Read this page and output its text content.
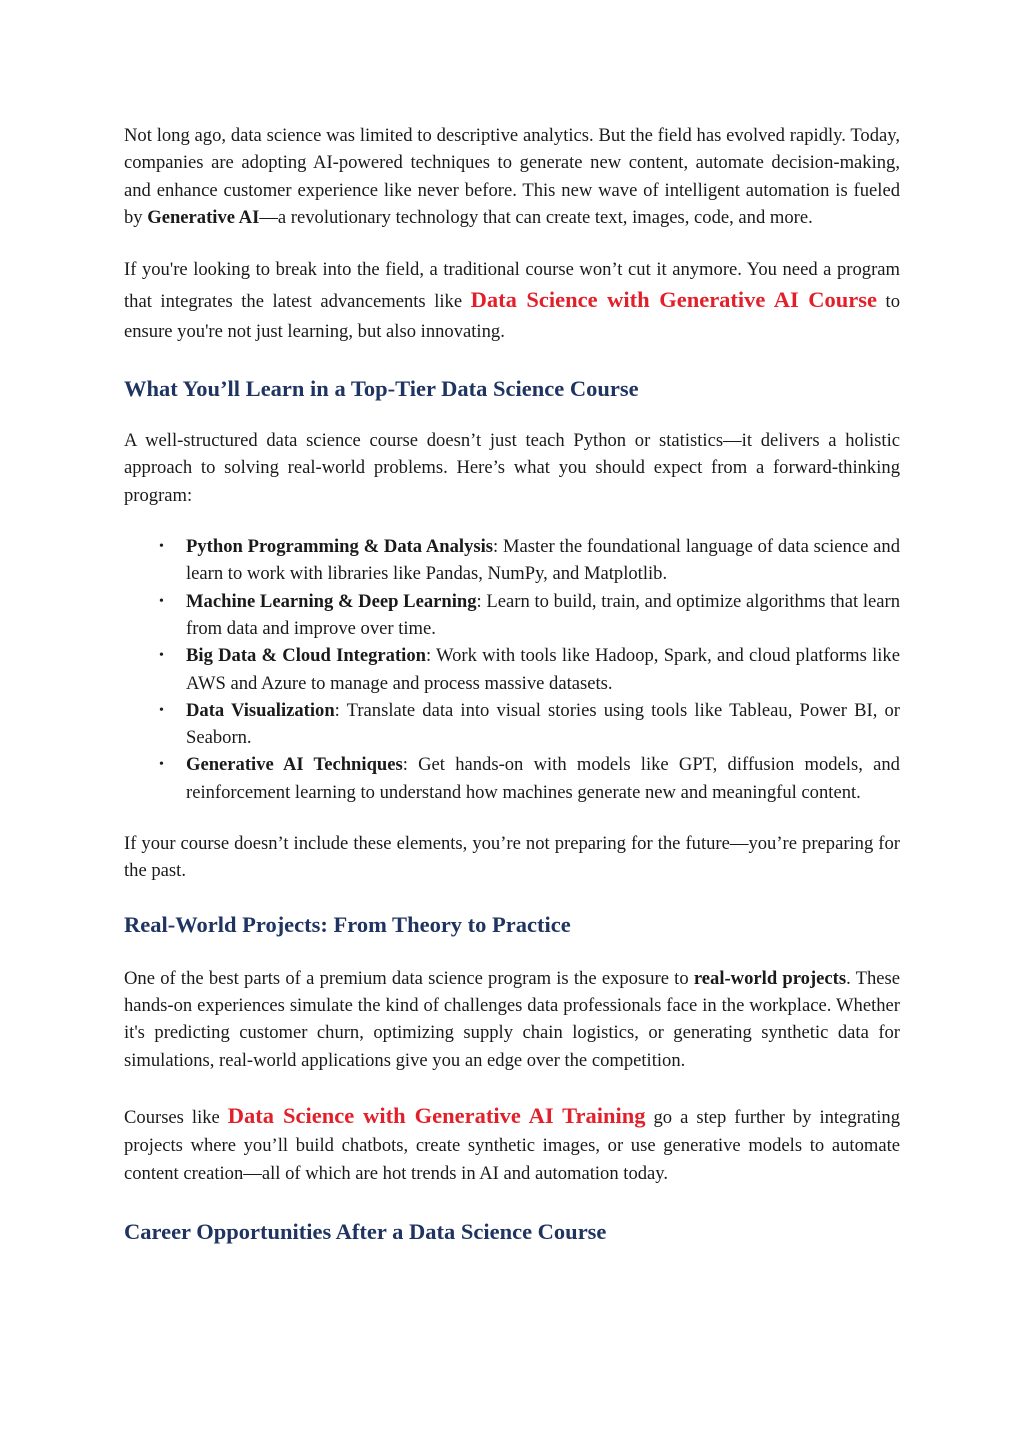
Not long ago, data science was limited to descriptive analytics. But the field has evolved rapidly. Today, companies are adopting AI-powered techniques to generate new content, automate decision-making, and enhance customer experience like never before. This new wave of intelligent automation is fueled by Generative AI—a revolutionary technology that can create text, images, code, and more.

If you're looking to break into the field, a traditional course won’t cut it anymore. You need a program that integrates the latest advancements like Data Science with Generative AI Course to ensure you're not just learning, but also innovating.

What You’ll Learn in a Top-Tier Data Science Course

A well-structured data science course doesn’t just teach Python or statistics—it delivers a holistic approach to solving real-world problems. Here’s what you should expect from a forward-thinking program:

• Python Programming & Data Analysis: Master the foundational language of data science and learn to work with libraries like Pandas, NumPy, and Matplotlib.
• Machine Learning & Deep Learning: Learn to build, train, and optimize algorithms that learn from data and improve over time.
• Big Data & Cloud Integration: Work with tools like Hadoop, Spark, and cloud platforms like AWS and Azure to manage and process massive datasets.
• Data Visualization: Translate data into visual stories using tools like Tableau, Power BI, or Seaborn.
• Generative AI Techniques: Get hands-on with models like GPT, diffusion models, and reinforcement learning to understand how machines generate new and meaningful content.

If your course doesn’t include these elements, you’re not preparing for the future—you’re preparing for the past.

Real-World Projects: From Theory to Practice

One of the best parts of a premium data science program is the exposure to real-world projects. These hands-on experiences simulate the kind of challenges data professionals face in the workplace. Whether it's predicting customer churn, optimizing supply chain logistics, or generating synthetic data for simulations, real-world applications give you an edge over the competition.

Courses like Data Science with Generative AI Training go a step further by integrating projects where you’ll build chatbots, create synthetic images, or use generative models to automate content creation—all of which are hot trends in AI and automation today.

Career Opportunities After a Data Science Course
